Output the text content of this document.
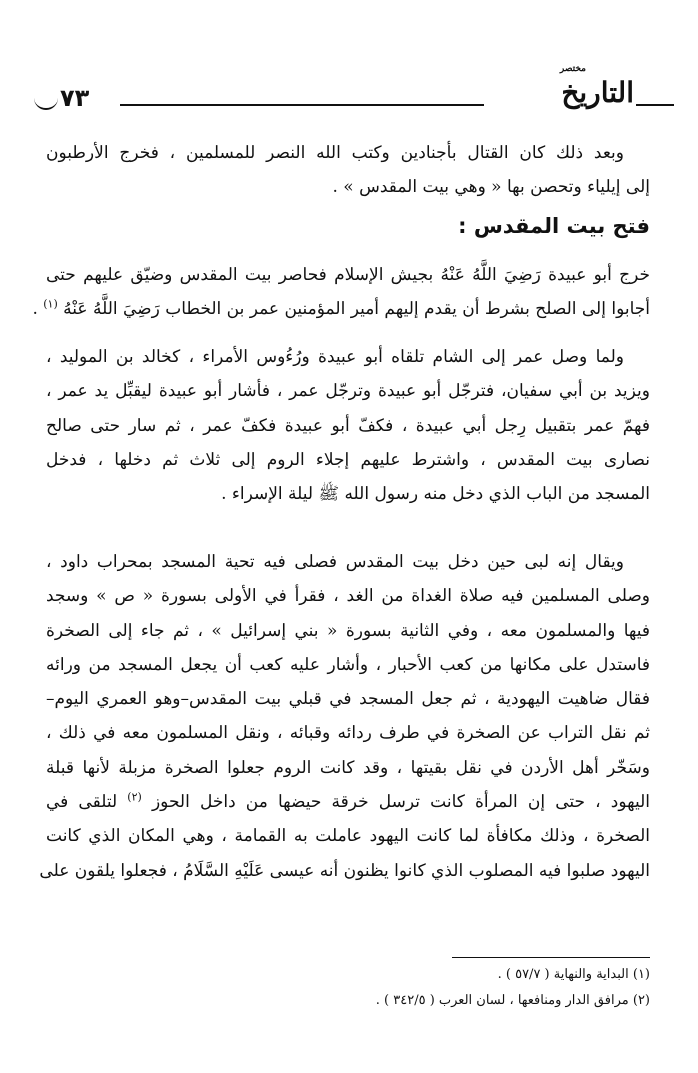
مختصر
التاريخ
٧٣
وبعد ذلك كان القتال بأجنادين وكتب الله النصر للمسلمين ، فخرج الأرطبون
إلى إيلياء وتحصن بها « وهي بيت المقدس » .
فتح بيت المقدس :
خرج أبو عبيدة رَضِيَ اللَّهُ عَنْهُ بجيش الإسلام فحاصر بيت المقدس وضيّق عليهم حتى
أجابوا إلى الصلح بشرط أن يقدم إليهم أمير المؤمنين عمر بن الخطاب رَضِيَ اللَّهُ عَنْهُ $^{(١)}$ .
ولما وصل عمر إلى الشام تلقاه أبو عبيدة ورُءُوس الأمراء ، كخالد بن الموليد ،
ويزيد بن أبي سفيان، فترجّل أبو عبيدة وترجّل عمر ، فأشار أبو عبيدة ليقبِّل يد عمر ،
فهمّ عمر بتقبيل رِجل أبي عبيدة ، فكفّ أبو عبيدة فكفّ عمر ، ثم سار حتى صالح
نصارى بيت المقدس ، واشترط عليهم إجلاء الروم إلى ثلاث ثم دخلها ، فدخل
المسجد من الباب الذي دخل منه رسول الله ﷺ ليلة الإسراء .
ويقال إنه لبى حين دخل بيت المقدس فصلى فيه تحية المسجد بمحراب داود ،
وصلى المسلمين فيه صلاة الغداة من الغد ، فقرأ في الأولى بسورة « ص » وسجد
فيها والمسلمون معه ، وفي الثانية بسورة « بني إسرائيل » ، ثم جاء إلى الصخرة
فاستدل على مكانها من كعب الأحبار ، وأشار عليه كعب أن يجعل المسجد من ورائه
فقال ضاهيت اليهودية ، ثم جعل المسجد في قبلي بيت المقدس–وهو العمري اليوم–
ثم نقل التراب عن الصخرة في طرف ردائه وقبائه ، ونقل المسلمون معه في ذلك ،
وسَخّر أهل الأردن في نقل بقيتها ، وقد كانت الروم جعلوا الصخرة مزبلة لأنها قبلة
اليهود ، حتى إن المرأة كانت ترسل خرقة حيضها من داخل الحوز $^{(٢)}$ لتلقى في
الصخرة ، وذلك مكافأة لما كانت اليهود عاملت به القمامة ، وهي المكان الذي كانت
اليهود صلبوا فيه المصلوب الذي كانوا يظنون أنه عيسى عَلَيْهِ السَّلَامُ ، فجعلوا يلقون على
(١) البداية والنهاية ( ٥٧/٧ ) .
(٢) مرافق الدار ومنافعها ، لسان العرب ( ٣٤٢/٥ ) .
